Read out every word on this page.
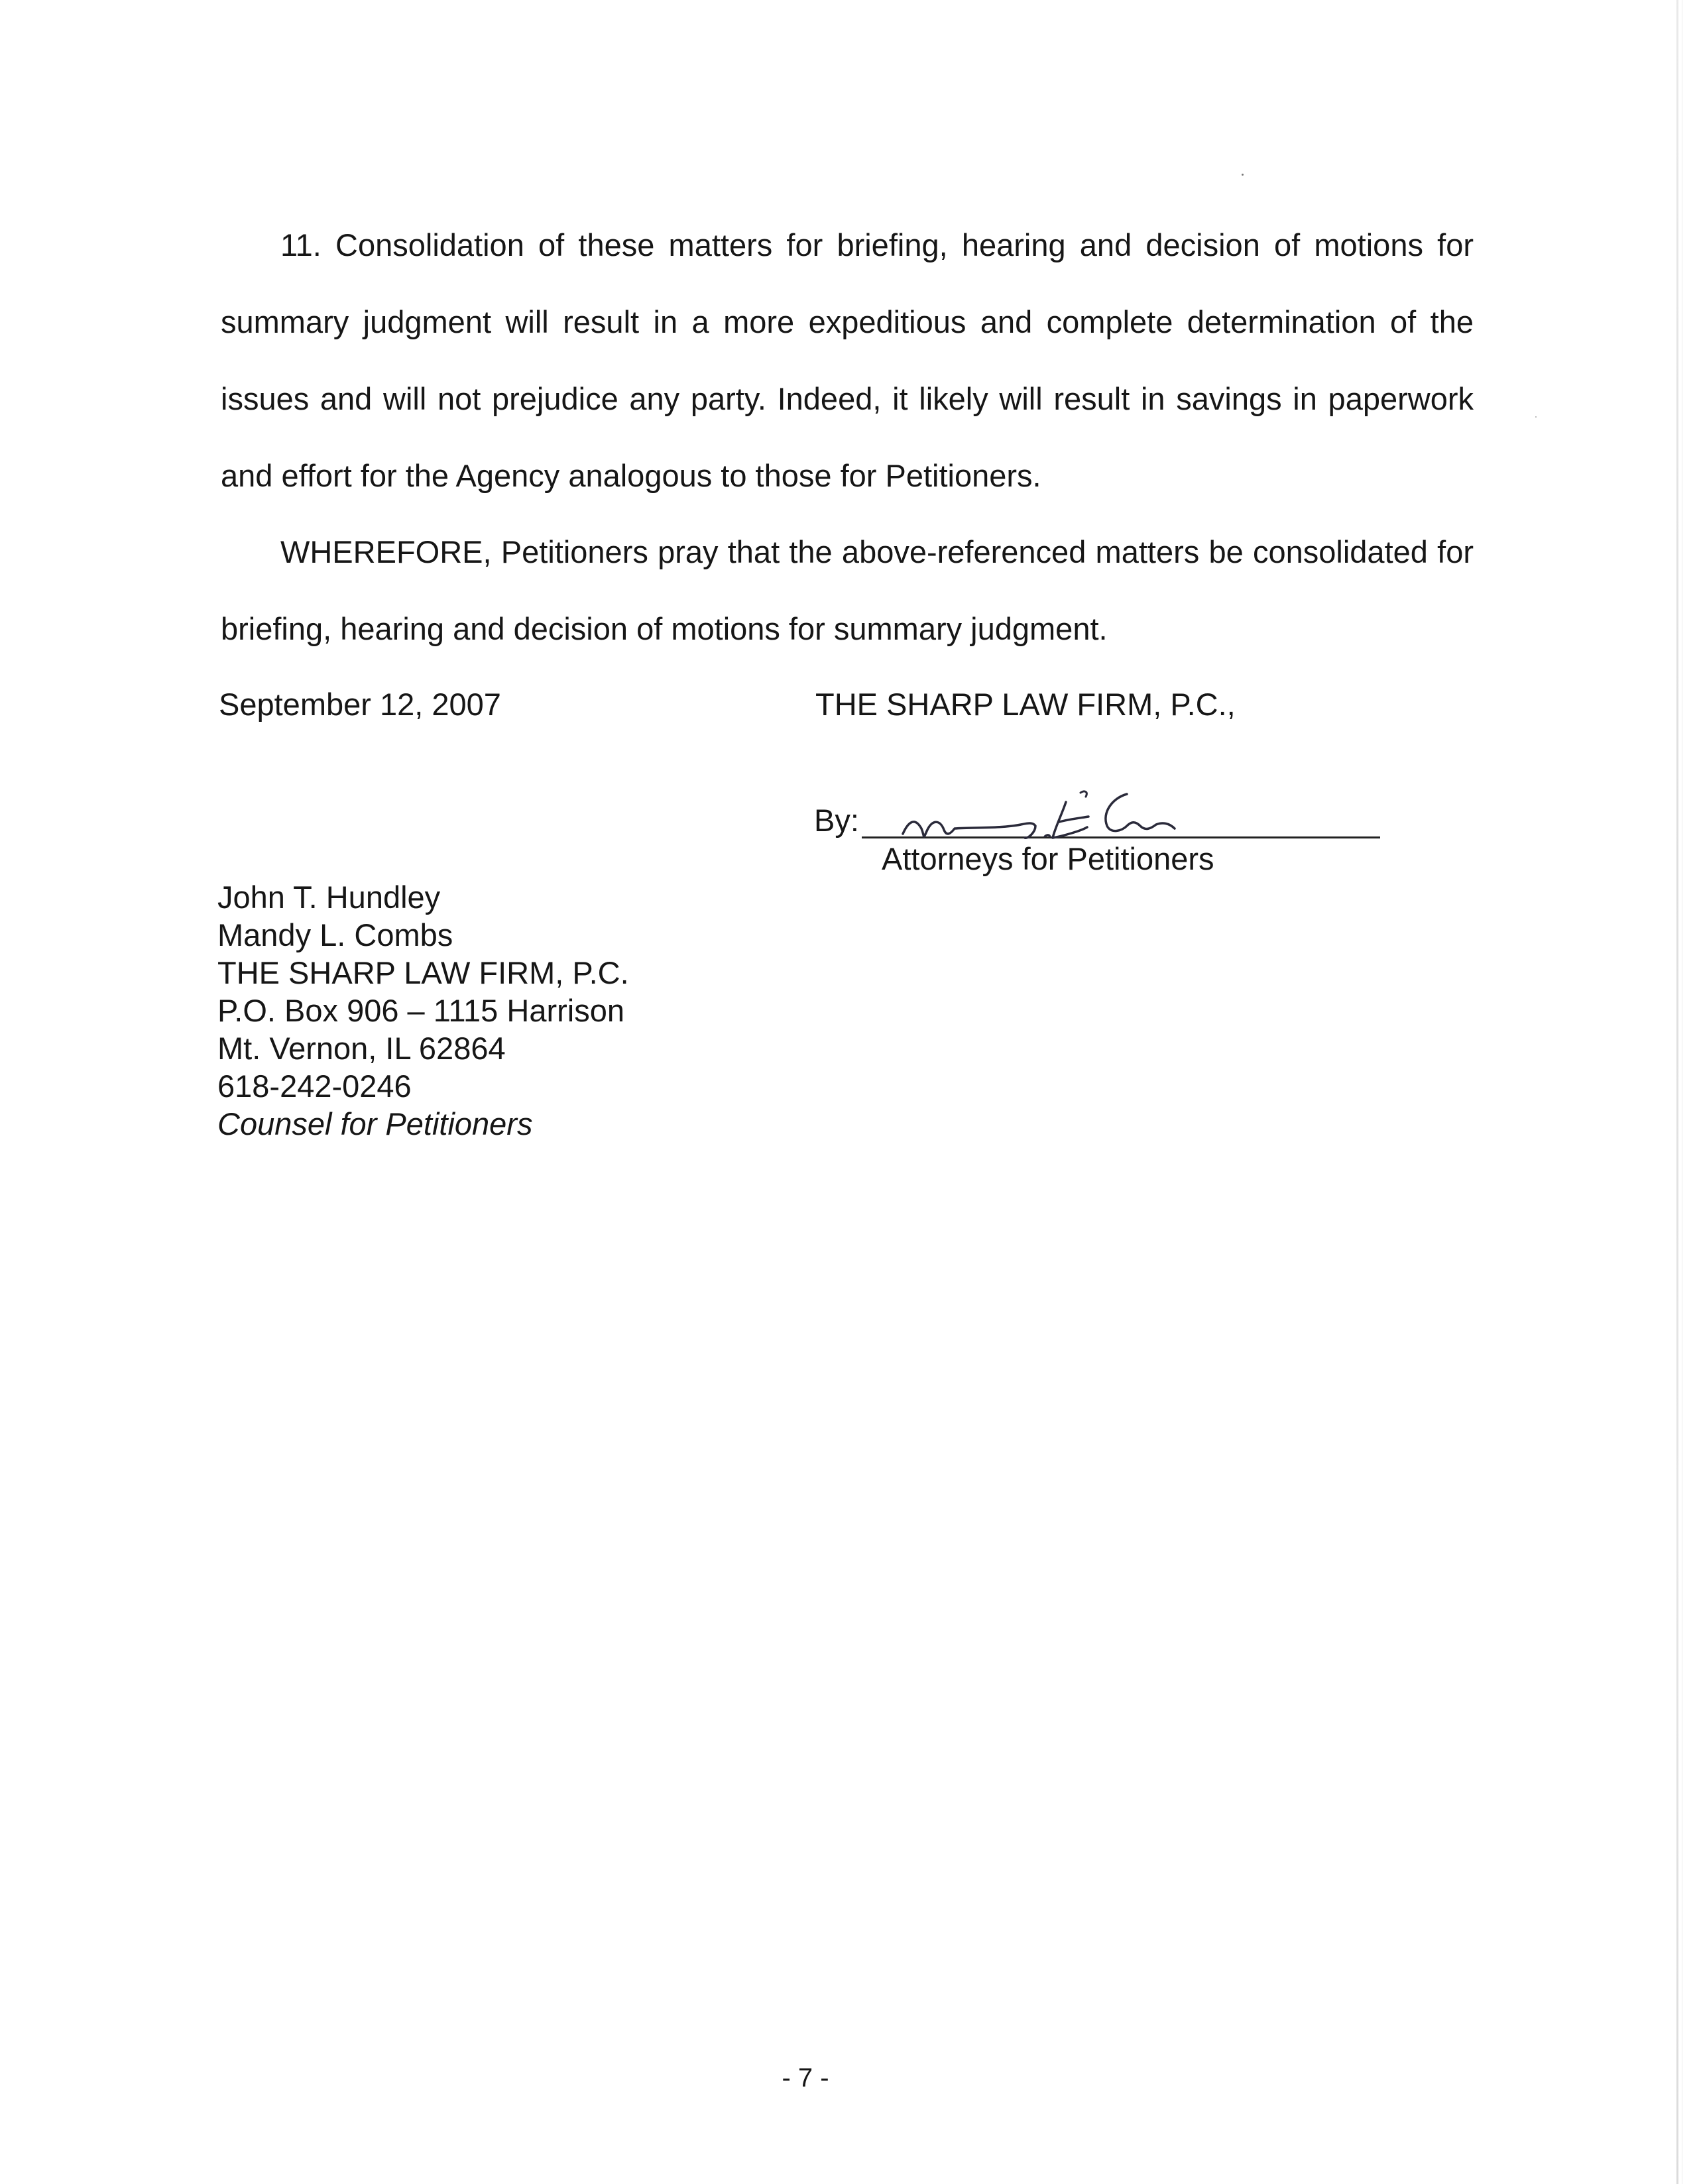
11. Consolidation of these matters for briefing, hearing and decision of motions for summary judgment will result in a more expeditious and complete determination of the issues and will not prejudice any party. Indeed, it likely will result in savings in paperwork and effort for the Agency analogous to those for Petitioners.

WHEREFORE, Petitioners pray that the above-referenced matters be consolidated for briefing, hearing and decision of motions for summary judgment.

September 12, 2007	THE SHARP LAW FIRM, P.C.,

By:

Attorneys for Petitioners

John T. Hundley
Mandy L. Combs
THE SHARP LAW FIRM, P.C.
P.O. Box 906 – 1115 Harrison
Mt. Vernon, IL 62864
618-242-0246
Counsel for Petitioners

- 7 -
